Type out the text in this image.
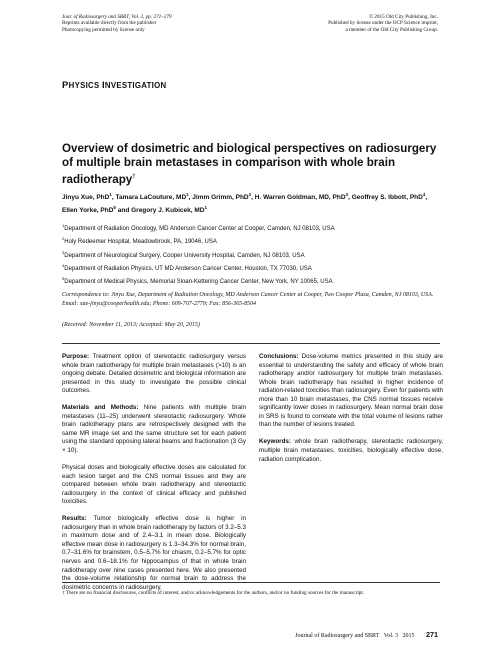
Jour. of Radiosurgery and SBRT, Vol. 3, pp. 271–279
Reprints available directly from the publisher
Photocopying permitted by license only
© 2015 Old City Publishing, Inc.
Published by license under the OCP Science imprint,
a member of the Old City Publishing Group.
PHYSICS INVESTIGATION
Overview of dosimetric and biological perspectives on radiosurgery of multiple brain metastases in comparison with whole brain radiotherapy†
Jinyu Xue, PhD$^1$, Tamara LaCouture, $MD^1$, Jimm Grimm, PhD$^2$, H. Warren Goldman, MD, PhD$^3$, Geoffrey S. Ibbott, PhD$^4$, Ellen Yorke, PhD$^5$ and Gregory J. Kubicek, $MD^1$
$^1$Department of Radiation Oncology, MD Anderson Cancer Center at Cooper, Camden, NJ 08103, USA
$^2$Holy Redeemer Hospital, Meadowbrook, PA, 19046, USA
$^3$Department of Neurological Surgery, Cooper University Hospital, Camden, NJ 08103, USA
$^4$Department of Radiation Physics, UT MD Anderson Cancer Center, Houston, TX 77030, USA
$^5$Department of Medical Physics, Memorial Sloan-Kettering Cancer Center, New York, NY 10065, USA
Correspondence to: Jinyu Xue, Department of Radiation Oncology, MD Anderson Cancer Center at Cooper, Two Cooper Plaza, Camden, NJ 08103, USA. Email: xue-jinyu@cooperhealth.edu; Phone: 609-707-2779; Fax: 856-365-8504
(Received: November 11, 2013; Accepted: May 20, 2015)

Purpose: Treatment option of stereotactic radiosurgery versus whole brain radiotherapy for multiple brain metastases (>10) is an ongoing debate. Detailed dosimetric and biological information are presented in this study to investigate the possible clinical outcomes.

Materials and Methods: Nine patients with multiple brain metastases (11–25) underwent stereotactic radiosurgery. Whole brain radiotherapy plans are retrospectively designed with the same MR image set and the same structure set for each patient using the standard opposing lateral beams and fractionation (3 Gy × 10).

Physical doses and biologically effective doses are calculated for each lesion target and the CNS normal tissues and they are compared between whole brain radiotherapy and stereotactic radiosurgery in the context of clinical efficacy and published toxicities.

Results: Tumor biologically effective dose is higher in radiosurgery than in whole brain radiotherapy by factors of 3.2–5.3 in maximum dose and of 2.4–3.1 in mean dose. Biologically effective mean dose in radiosurgery is 1.3–34.3% for normal brain, 0.7–31.6% for brainstem, 0.5–5.7% for chiasm, 0.2–5.7% for optic nerves and 0.6–18.1% for hippocampus of that in whole brain radiotherapy over nine cases presented here. We also presented the dose-volume relationship for normal brain to address the dosimetric concerns in radiosurgery.

Conclusions: Dose-volume metrics presented in this study are essential to understanding the safety and efficacy of whole brain radiotherapy and/or radiosurgery for multiple brain metastases. Whole brain radiotherapy has resulted in higher incidence of radiation-related toxicities than radiosurgery. Even for patients with more than 10 brain metastases, the CNS normal tissues receive significantly lower doses in radiosurgery. Mean normal brain dose in SRS is found to correlate with the total volume of lesions rather than the number of lesions treated.

Keywords: whole brain radiotherapy, stereotactic radiosurgery, multiple brain metastases, toxicities, biologically effective dose, radiation complication.

† There are no financial disclosures, conflicts of interest, and/or acknowledgements for the authors, and/or no funding sources for the manuscript.
Journal of Radiosurgery and SBRT Vol. 3 2015 271
